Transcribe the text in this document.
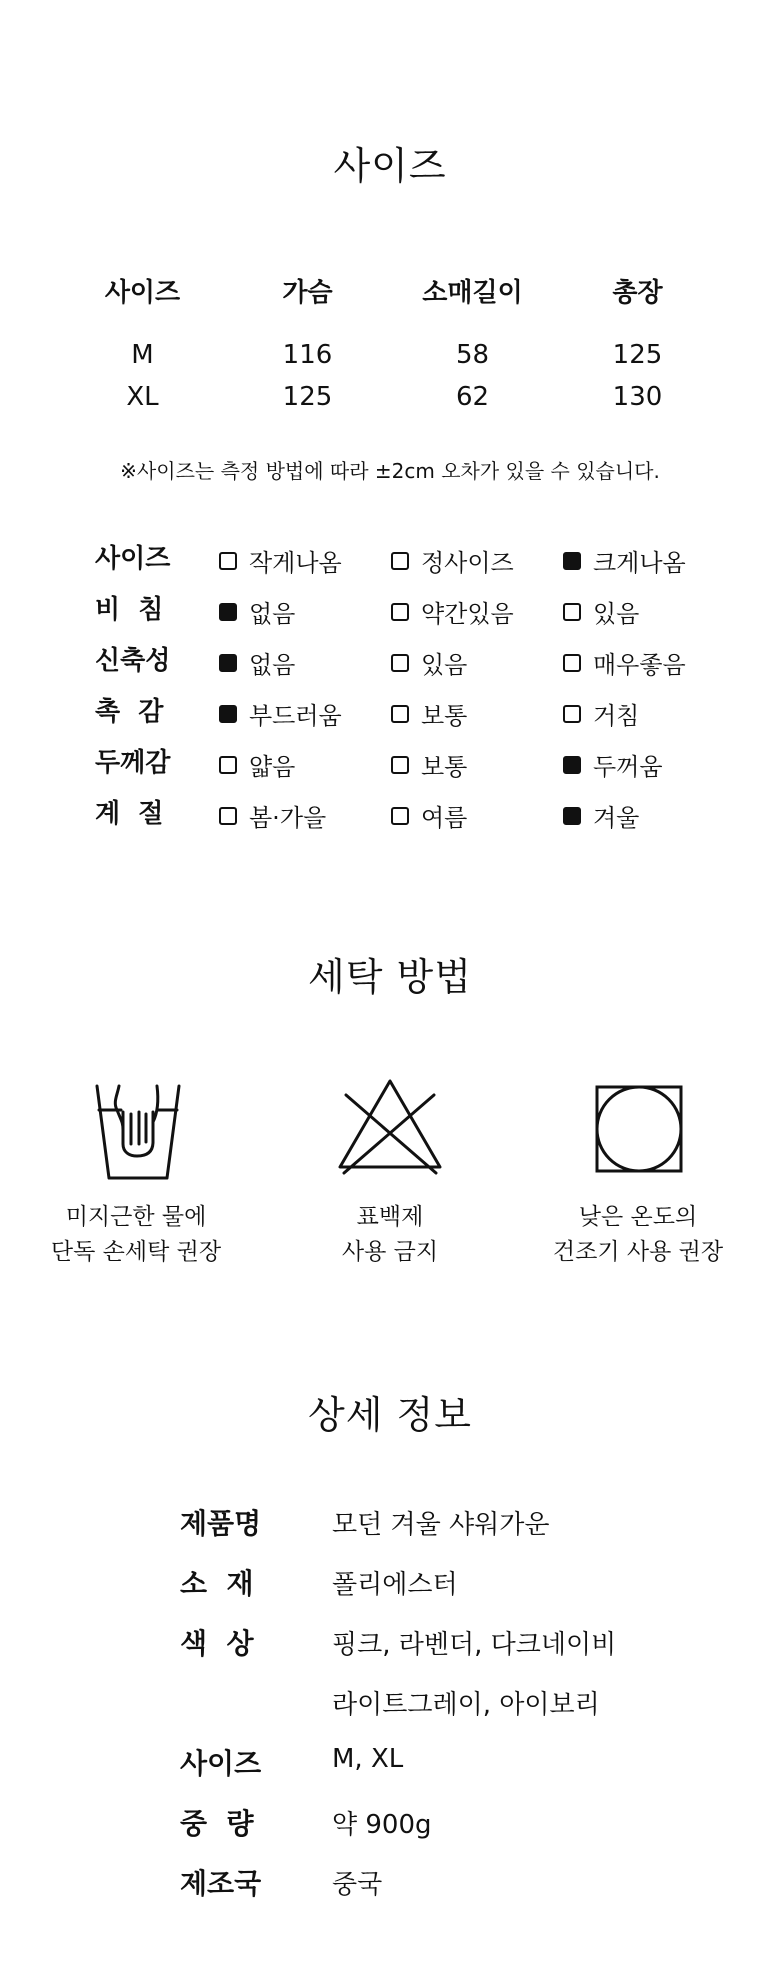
사이즈
사이즈	가슴	소매길이	총장
M	116	58	125
XL	125	62	130
※사이즈는 측정 방법에 따라 ±2cm 오차가 있을 수 있습니다.
사이즈	작게나옴	정사이즈	크게나옴
비  침	없음	약간있음	있음
신축성	없음	있음	매우좋음
촉  감	부드러움	보통	거침
두께감	얇음	보통	두꺼움
계  절	봄·가을	여름	겨울
세탁 방법
미지근한 물에
단독 손세탁 권장
표백제
사용 금지
낮은 온도의
건조기 사용 권장
상세 정보
제품명	모던 겨울 샤워가운
소  재	폴리에스터
색  상	핑크, 라벤더, 다크네이비
라이트그레이, 아이보리
사이즈	M, XL
중  량	약 900g
제조국	중국
